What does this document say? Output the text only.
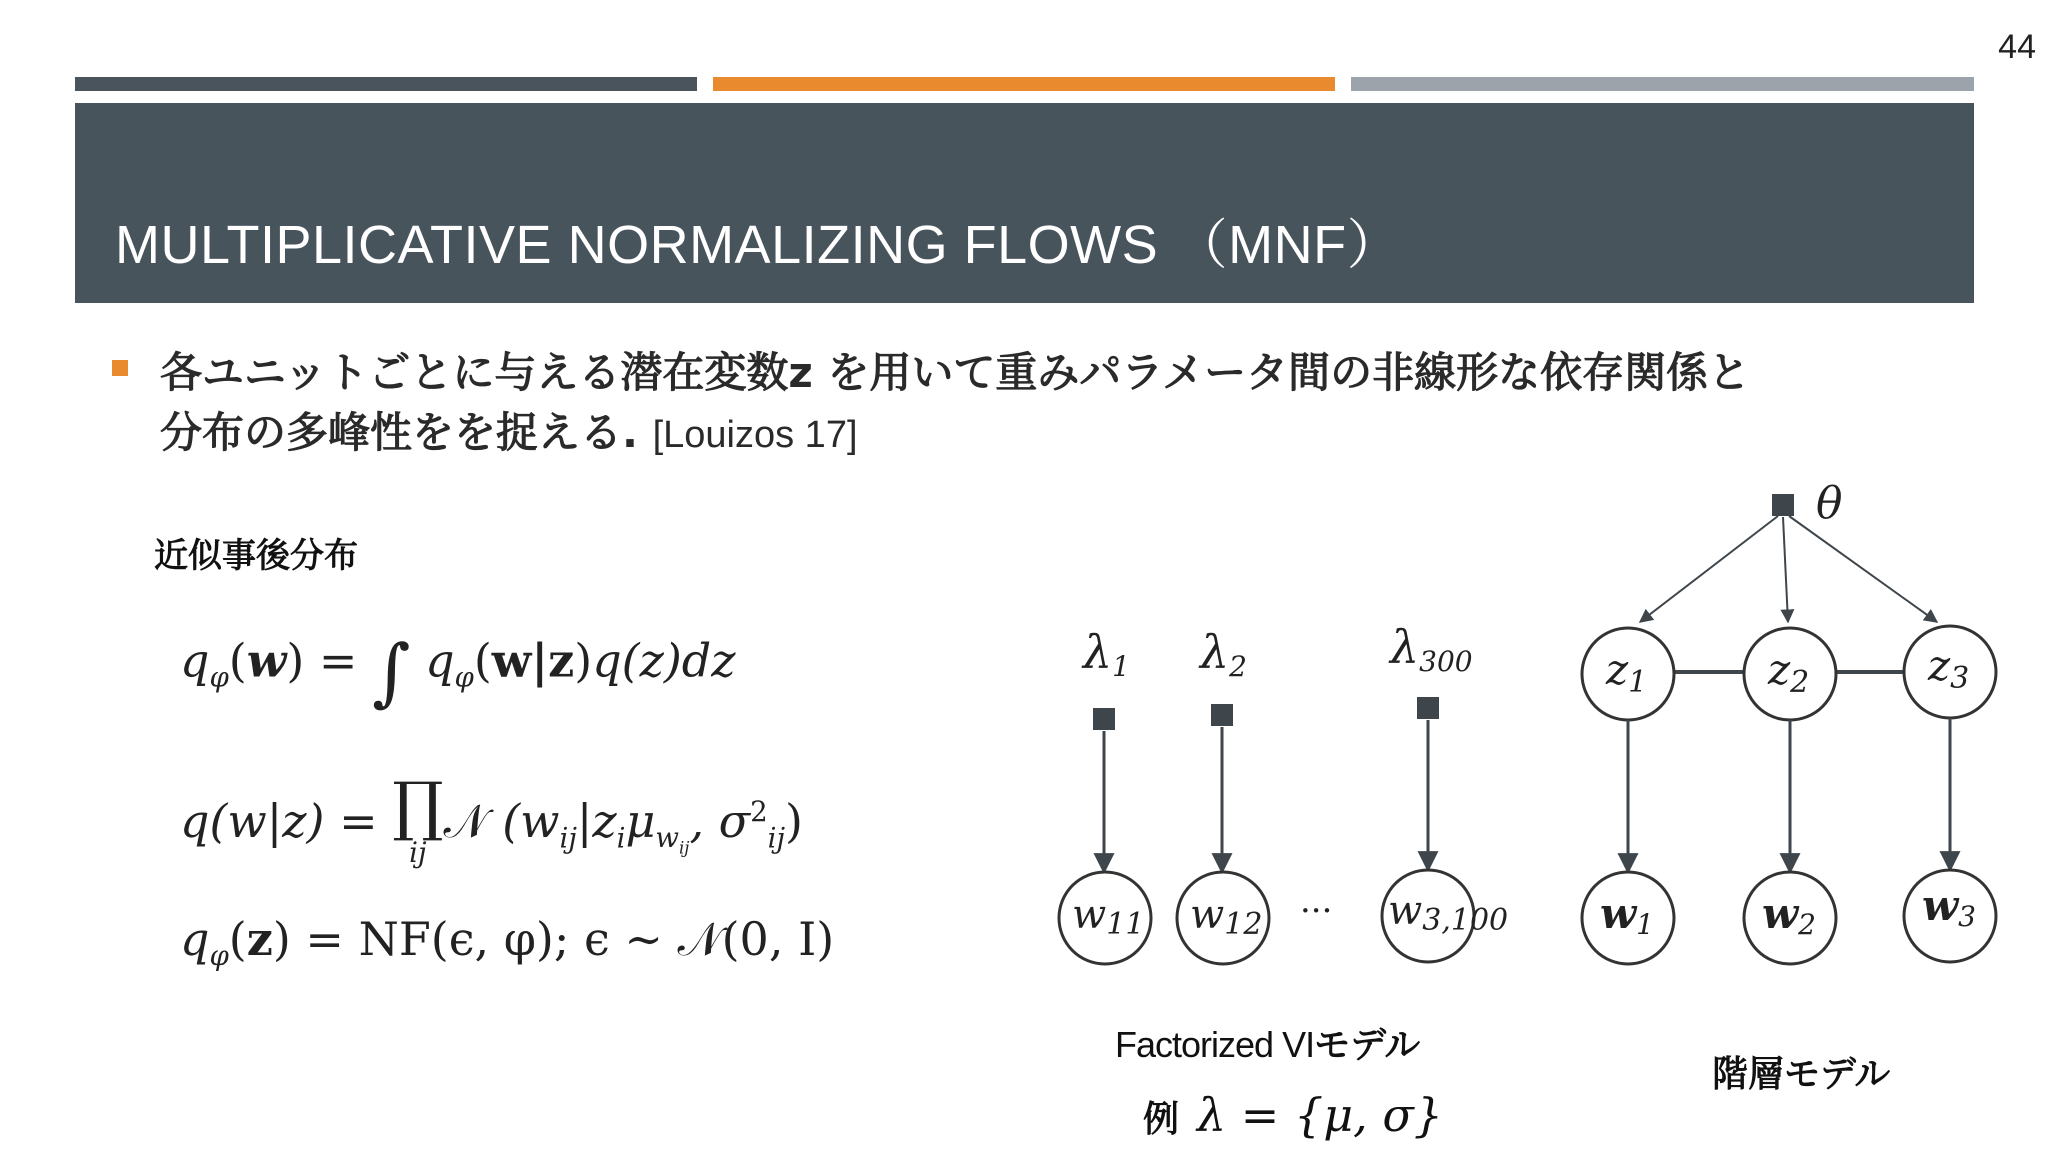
44
MULTIPLICATIVE NORMALIZING FLOWS （MNF）
各ユニットごとに与える潜在変数z を用いて重みパラメータ間の非線形な依存関係と
分布の多峰性をを捉える. [Louizos 17]
近似事後分布
$q_\varphi(w)$ = ∫ $q_\varphi(w|z)q(z)dz$
q(w|z) = ∏
ij
𝒩 ($w_{ij}|z_i\mu_{w_{ij}}$, $\sigma^2_{ij}$)
$q_\varphi(z) = NF(\epsilon$, φ); ϵ ∼ 𝒩(0, I)
λ1 λ2	λ300
w11 w12	w3,100
···
θ
z1	z2	z3
w1	w2	w3
Factorized VIモデル
階層モデル
例 λ = {μ, σ}
